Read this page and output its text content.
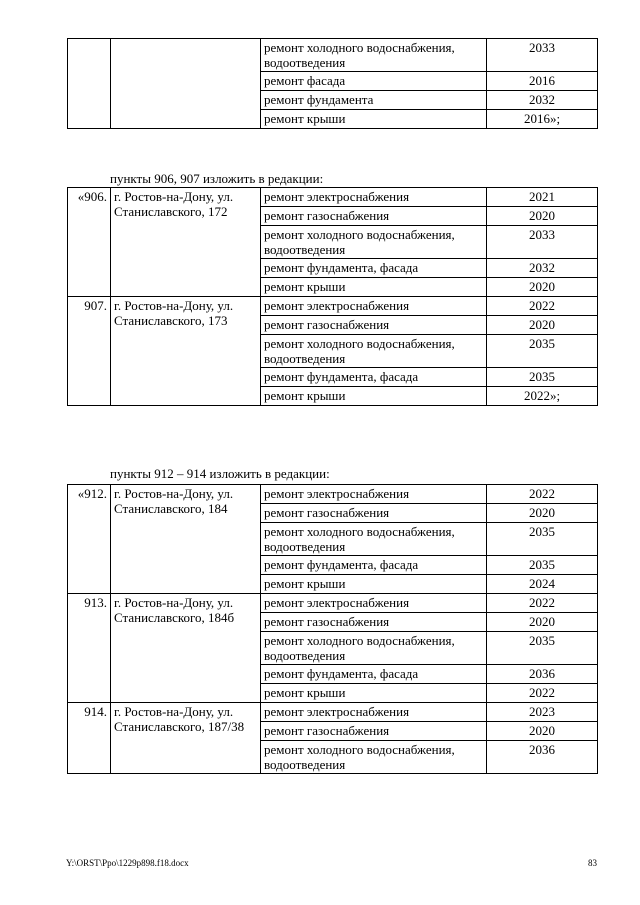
		ремонт холодного водоснабжения, водоотведения	2033
		ремонт фасада	2016
		ремонт фундамента	2032
		ремонт крыши	2016»;
пункты 906, 907 изложить в редакции:
«906.	г. Ростов-на-Дону, ул. Станиславского, 172	ремонт электроснабжения	2021
		ремонт газоснабжения	2020
		ремонт холодного водоснабжения, водоотведения	2033
		ремонт фундамента, фасада	2032
		ремонт крыши	2020
907.	г. Ростов-на-Дону, ул. Станиславского, 173	ремонт электроснабжения	2022
		ремонт газоснабжения	2020
		ремонт холодного водоснабжения, водоотведения	2035
		ремонт фундамента, фасада	2035
		ремонт крыши	2022»;
пункты 912 – 914 изложить в редакции:
«912.	г. Ростов-на-Дону, ул. Станиславского, 184	ремонт электроснабжения	2022
		ремонт газоснабжения	2020
		ремонт холодного водоснабжения, водоотведения	2035
		ремонт фундамента, фасада	2035
		ремонт крыши	2024
913.	г. Ростов-на-Дону, ул. Станиславского, 184б	ремонт электроснабжения	2022
		ремонт газоснабжения	2020
		ремонт холодного водоснабжения, водоотведения	2035
		ремонт фундамента, фасада	2036
		ремонт крыши	2022
914.	г. Ростов-на-Дону, ул. Станиславского, 187/38	ремонт электроснабжения	2023
		ремонт газоснабжения	2020
		ремонт холодного водоснабжения, водоотведения	2036
Y:\ORST\Ppo\1229p898.f18.docx	83
